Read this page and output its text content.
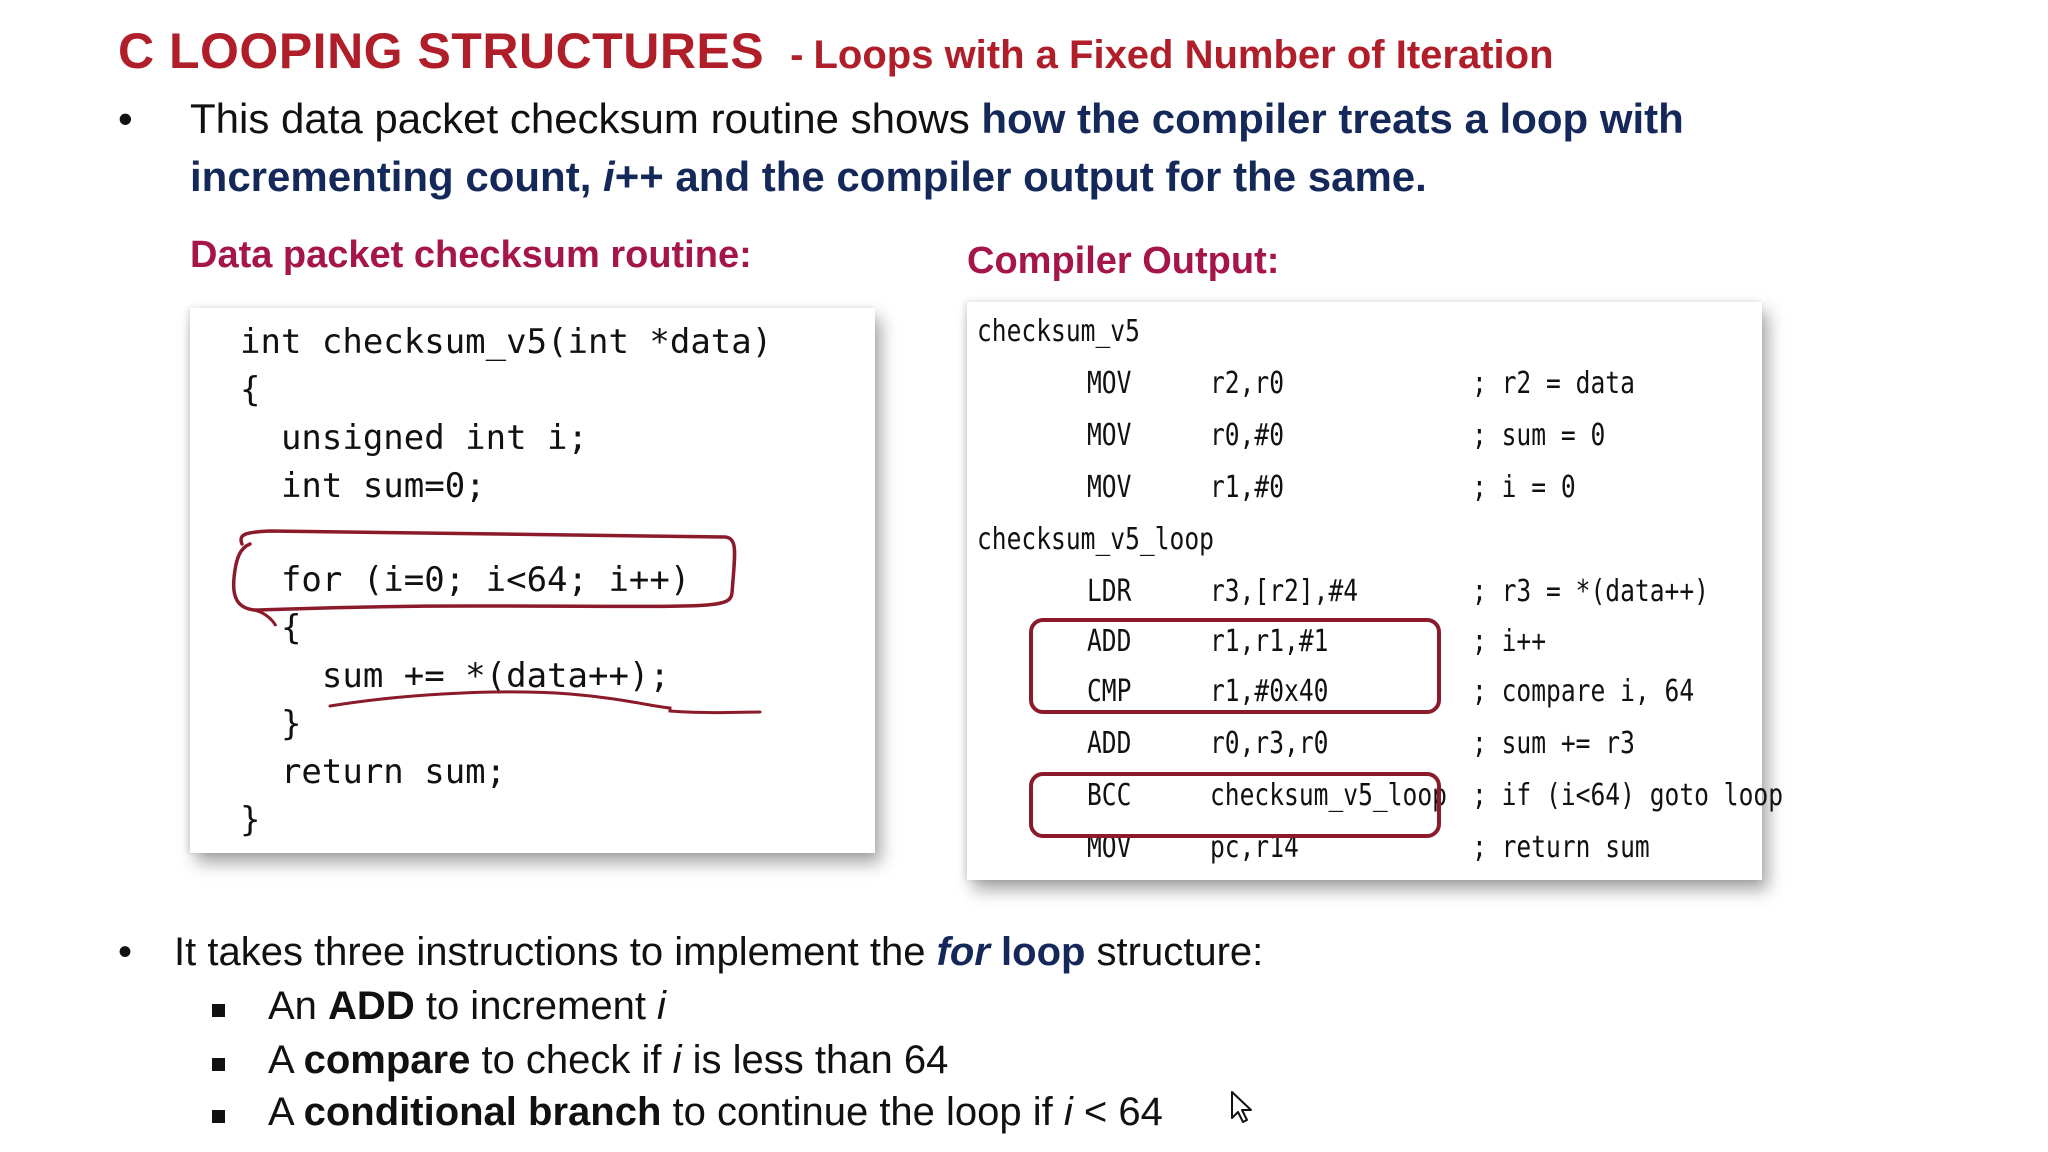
C LOOPING STRUCTURES - Loops with a Fixed Number of Iteration
• This data packet checksum routine shows how the compiler treats a loop with incrementing count, i++ and the compiler output for the same.
Data packet checksum routine:	Compiler Output:
int checksum_v5(int *data)
{
unsigned int i;
int sum=0;
for (i=0; i<64; i++)
{
sum += *(data++);
}
return sum;
}
checksum_v5
MOV	r2,r0	; r2 = data
MOV	r0,#0	; sum = 0
MOV	r1,#0	; i = 0
checksum_v5_loop
LDR	r3,[r2],#4	; r3 = *(data++)
ADD	r1,r1,#1	; i++
CMP	r1,#0x40	; compare i, 64
ADD	r0,r3,r0	; sum += r3
BCC	checksum_v5_loop ; if (i<64) goto loop
MOV	pc,r14	; return sum
• It takes three instructions to implement the for loop structure:
An ADD to increment i
A compare to check if i is less than 64
A conditional branch to continue the loop if i < 64
